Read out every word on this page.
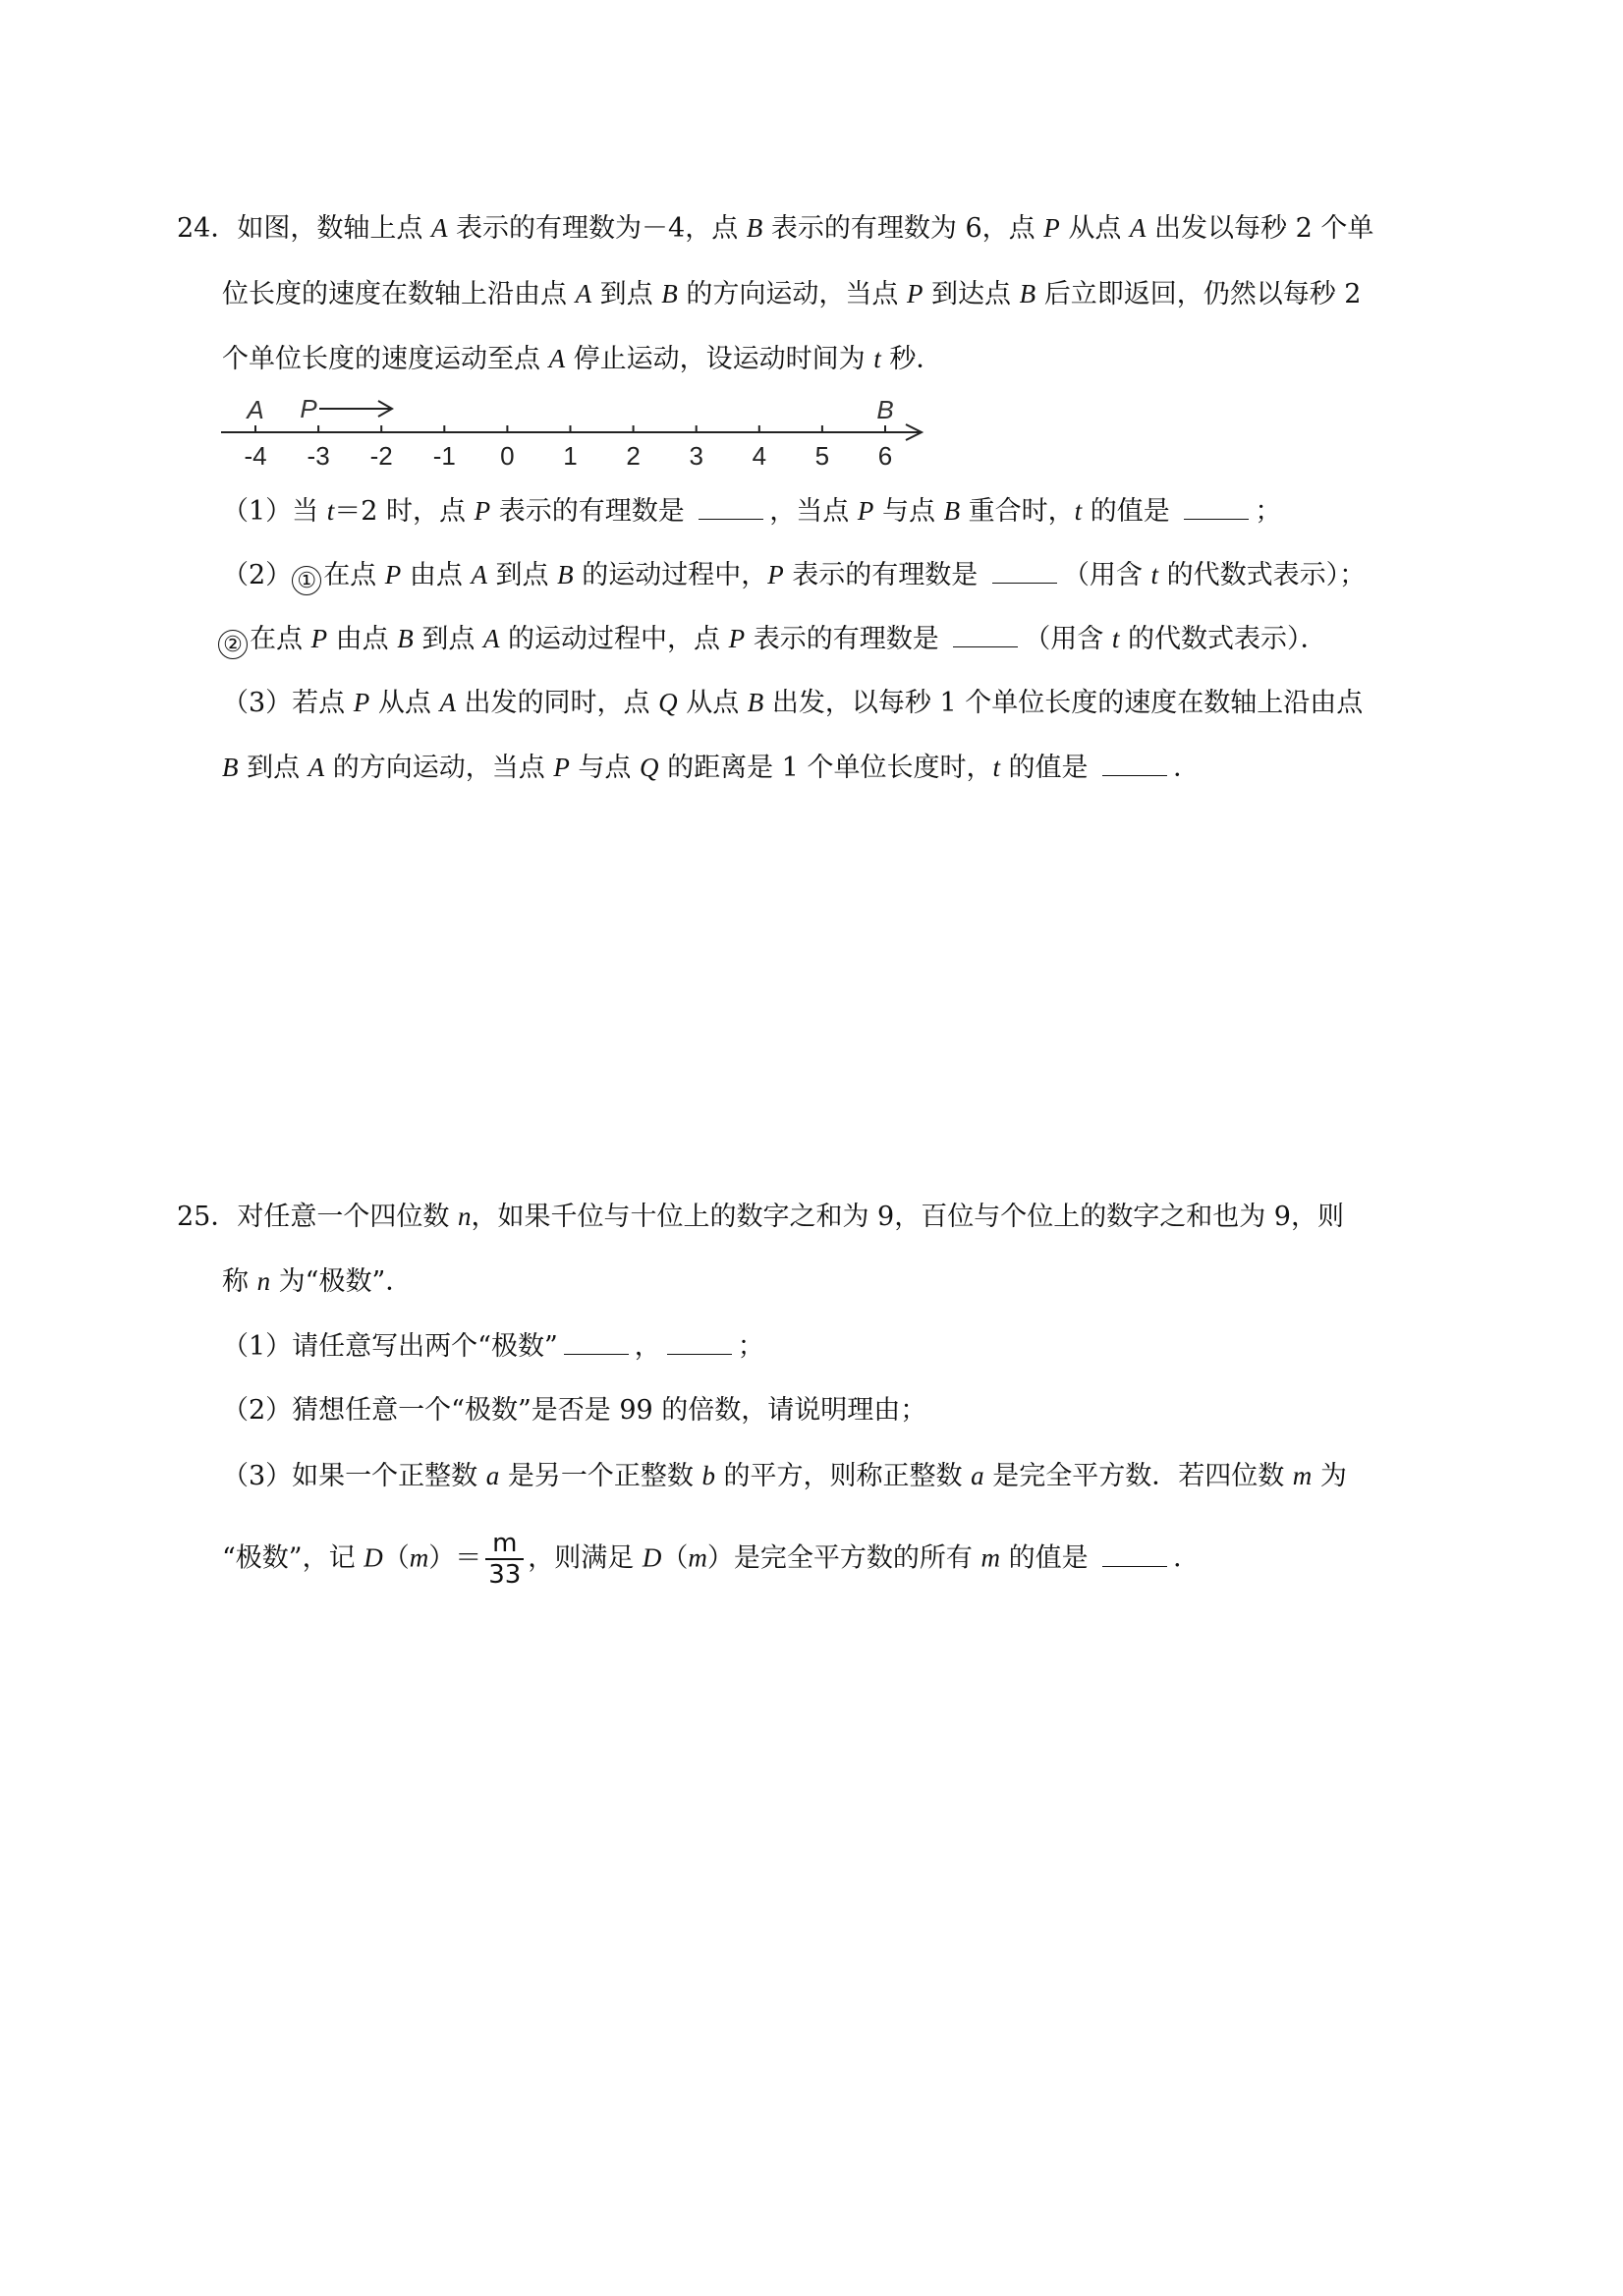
24．如图，数轴上点 A 表示的有理数为－4，点 B 表示的有理数为 6，点 P 从点 A 出发以每秒 2 个单
位长度的速度在数轴上沿由点 A 到点 B 的方向运动，当点 P 到达点 B 后立即返回，仍然以每秒 2
个单位长度的速度运动至点 A 停止运动，设运动时间为 t 秒．
-4 -3 -2 -1 0 1 2 3 4 5 6
A P	B
（1）当 t＝2 时，点 P 表示的有理数是	，当点 P 与点 B 重合时，t 的值是	；
（2） ① 在点 P 由点 A 到点 B 的运动过程中，P 表示的有理数是	（用含 t 的代数式表示）；
② 在点 P 由点 B 到点 A 的运动过程中，点 P 表示的有理数是	（用含 t 的代数式表示）．
（3）若点 P 从点 A 出发的同时，点 Q 从点 B 出发，以每秒 1 个单位长度的速度在数轴上沿由点
B 到点 A 的方向运动，当点 P 与点 Q 的距离是 1 个单位长度时，t 的值是	．
25．对任意一个四位数 n，如果千位与十位上的数字之和为 9，百位与个位上的数字之和也为 9，则
称 n 为“极数”．
（1）请任意写出两个“极数”	，	；
（2）猜想任意一个“极数”是否是 99 的倍数，请说明理由；
（3）如果一个正整数 a 是另一个正整数 b 的平方，则称正整数 a 是完全平方数．若四位数 m 为
“极数”，记 $D(m)= \frac{m}{33}$ ，则满足 D（m）是完全平方数的所有 m 的值是	．
